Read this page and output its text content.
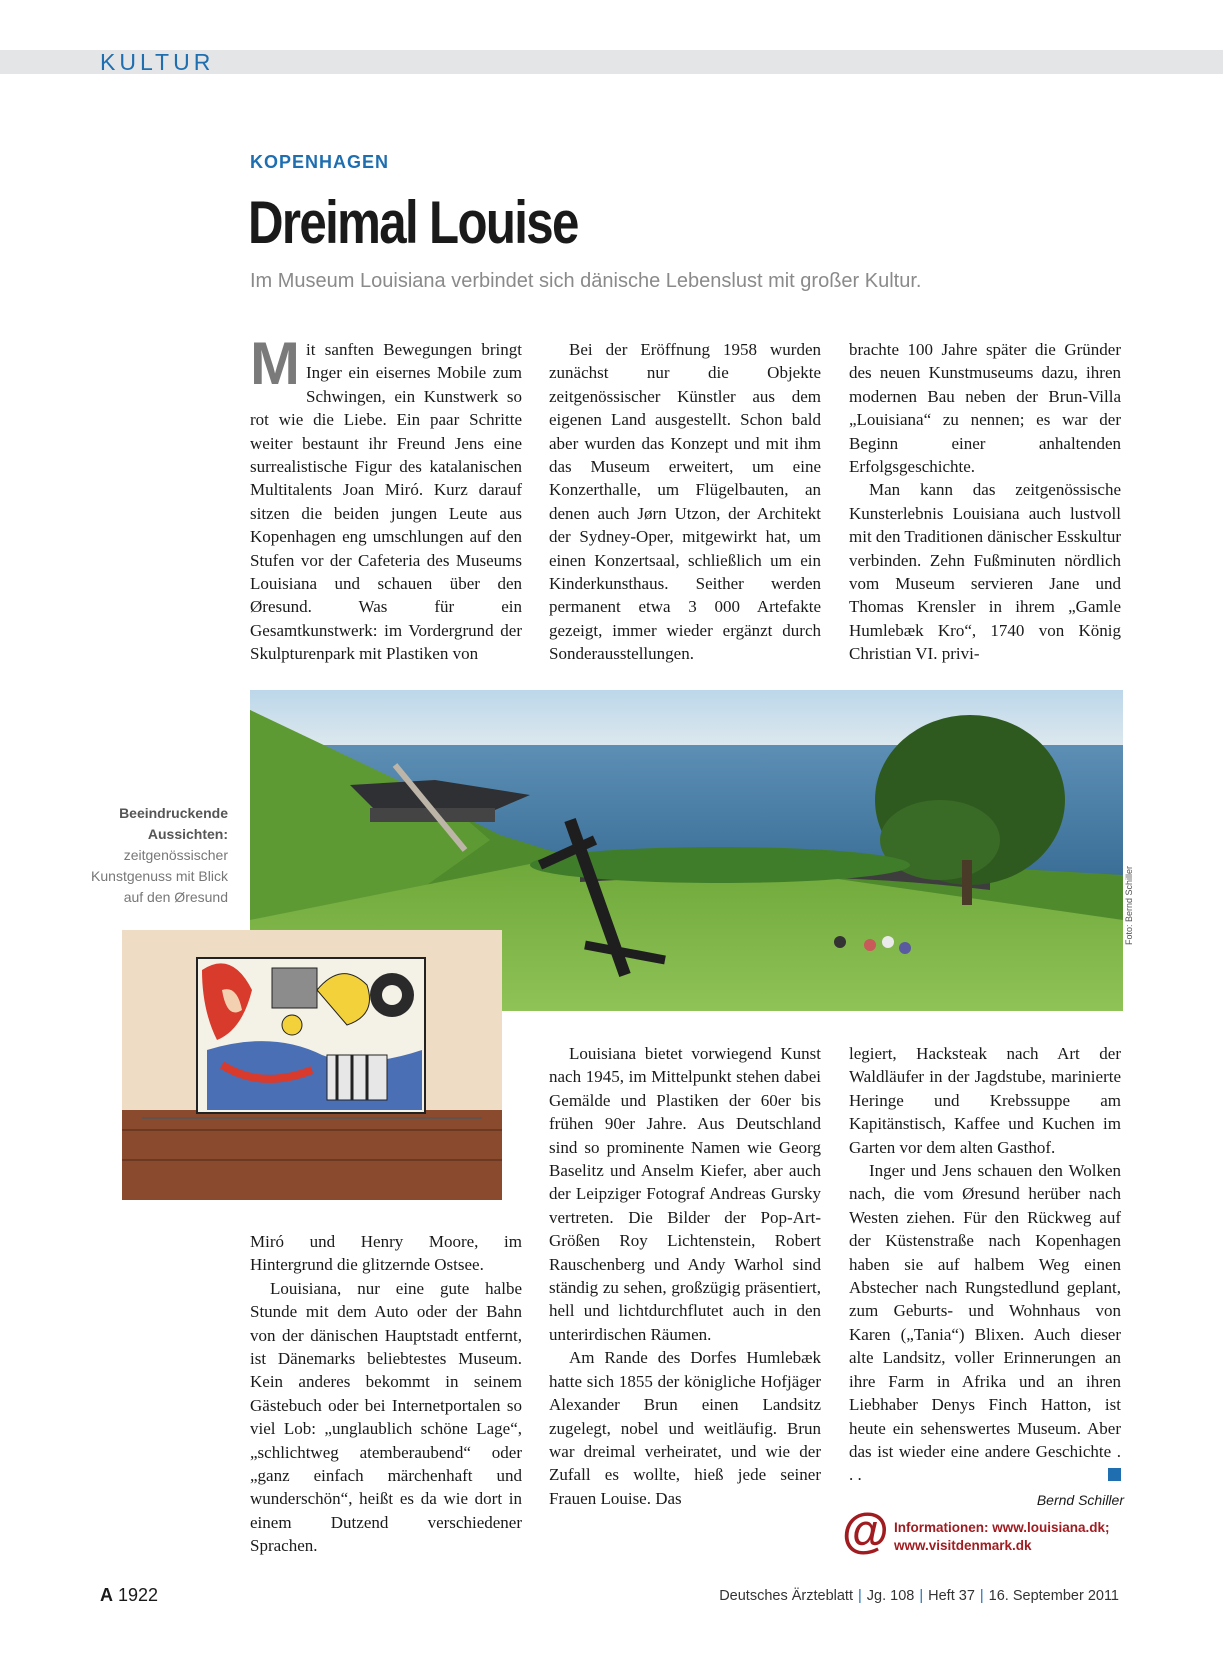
KULTUR
KOPENHAGEN
Dreimal Louise
Im Museum Louisiana verbindet sich dänische Lebenslust mit großer Kultur.
M it sanften Bewegungen bringt Inger ein eisernes Mobile zum Schwingen, ein Kunstwerk so rot wie die Liebe. Ein paar Schritte weiter bestaunt ihr Freund Jens eine surrealistische Figur des katalanischen Multitalents Joan Miró. Kurz darauf sitzen die beiden jungen Leute aus Kopenhagen eng umschlungen auf den Stufen vor der Cafeteria des Museums Louisiana und schauen über den Øresund. Was für ein Gesamtkunstwerk: im Vordergrund der Skulpturenpark mit Plastiken von

Bei der Eröffnung 1958 wurden zunächst nur die Objekte zeitgenössischer Künstler aus dem eigenen Land ausgestellt. Schon bald aber wurden das Konzept und mit ihm das Museum erweitert, um eine Konzerthalle, um Flügelbauten, an denen auch Jørn Utzon, der Architekt der Sydney-Oper, mitgewirkt hat, um einen Konzertsaal, schließlich um ein Kinderkunsthaus. Seither werden permanent etwa 3 000 Artefakte gezeigt, immer wieder ergänzt durch Sonderausstellungen.

brachte 100 Jahre später die Gründer des neuen Kunstmuseums dazu, ihren modernen Bau neben der Brun-Villa „Louisiana“ zu nennen; es war der Beginn einer anhaltenden Erfolgsgeschichte.

Man kann das zeitgenössische Kunsterlebnis Louisiana auch lustvoll mit den Traditionen dänischer Esskultur verbinden. Zehn Fußminuten nördlich vom Museum servieren Jane und Thomas Krensler in ihrem „Gamle Humlebæk Kro“, 1740 von König Christian VI. privi-

Foto: Bernd Schiller
Beeindruckende Aussichten: zeitgenössischer Kunstgenuss mit Blick auf den Øresund

Miró und Henry Moore, im Hintergrund die glitzernde Ostsee.

Louisiana, nur eine gute halbe Stunde mit dem Auto oder der Bahn von der dänischen Hauptstadt entfernt, ist Dänemarks beliebtestes Museum. Kein anderes bekommt in seinem Gästebuch oder bei Internetportalen so viel Lob: „unglaublich schöne Lage“, „schlichtweg atemberaubend“ oder „ganz einfach märchenhaft und wunderschön“, heißt es da wie dort in einem Dutzend verschiedener Sprachen.

Louisiana bietet vorwiegend Kunst nach 1945, im Mittelpunkt stehen dabei Gemälde und Plastiken der 60er bis frühen 90er Jahre. Aus Deutschland sind so prominente Namen wie Georg Baselitz und Anselm Kiefer, aber auch der Leipziger Fotograf Andreas Gursky vertreten. Die Bilder der Pop-Art-Größen Roy Lichtenstein, Robert Rauschenberg und Andy Warhol sind ständig zu sehen, großzügig präsentiert, hell und lichtdurchflutet auch in den unterirdischen Räumen.

Am Rande des Dorfes Humlebæk hatte sich 1855 der königliche Hofjäger Alexander Brun einen Landsitz zugelegt, nobel und weitläufig. Brun war dreimal verheiratet, und wie der Zufall es wollte, hieß jede seiner Frauen Louise. Das

legiert, Hacksteak nach Art der Waldläufer in der Jagdstube, marinierte Heringe und Krebssuppe am Kapitänstisch, Kaffee und Kuchen im Garten vor dem alten Gasthof.

Inger und Jens schauen den Wolken nach, die vom Øresund herüber nach Westen ziehen. Für den Rückweg auf der Küstenstraße nach Kopenhagen haben sie auf halbem Weg einen Abstecher nach Rungstedlund geplant, zum Geburts- und Wohnhaus von Karen („Tania“) Blixen. Auch dieser alte Landsitz, voller Erinnerungen an ihre Farm in Afrika und an ihren Liebhaber Denys Finch Hatton, ist heute ein sehenswertes Museum. Aber das ist wieder eine andere Geschichte . . .

Bernd Schiller
@ Informationen: www.louisiana.dk;
www.visitdenmark.dk
A 1922	Deutsches Ärzteblatt | Jg. 108 | Heft 37 | 16. September 2011
